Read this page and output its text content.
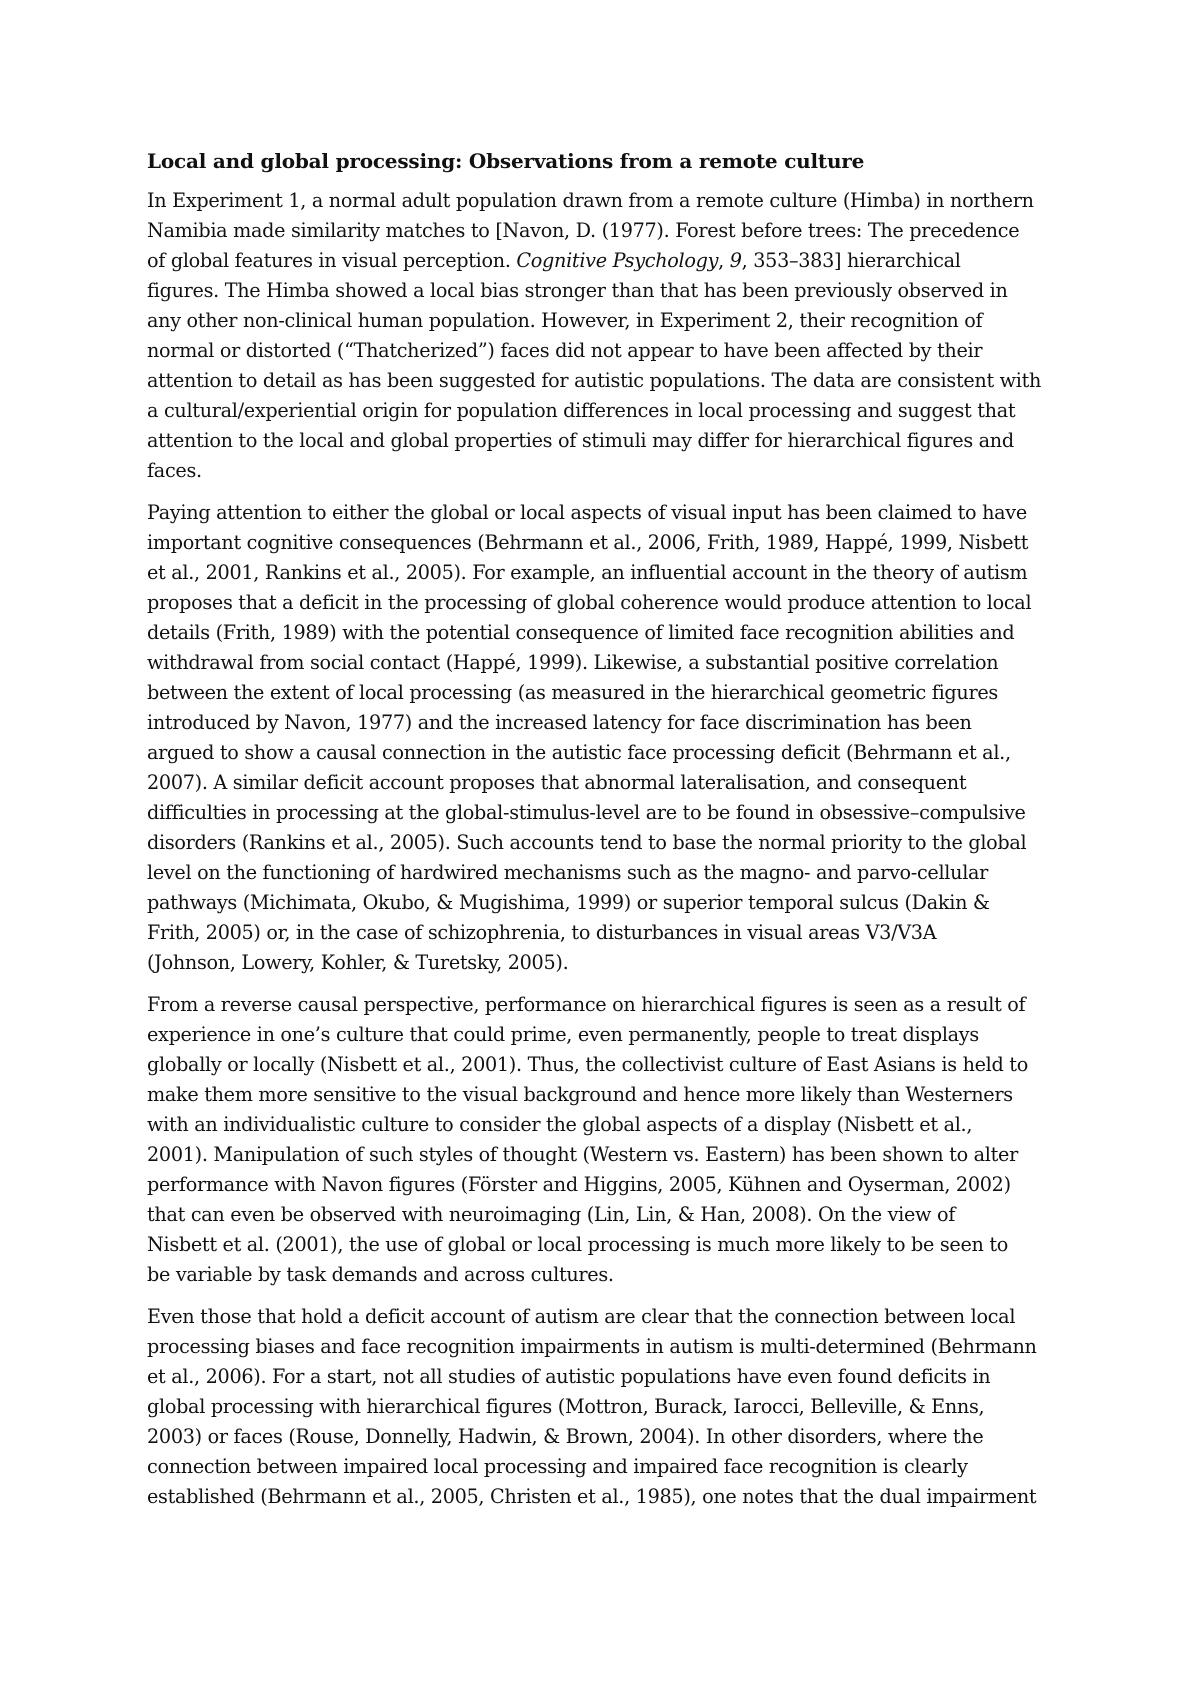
Local and global processing: Observations from a remote culture
In Experiment 1, a normal adult population drawn from a remote culture (Himba) in northern
Namibia made similarity matches to [Navon, D. (1977). Forest before trees: The precedence
of global features in visual perception. Cognitive Psychology, 9, 353–383] hierarchical
figures. The Himba showed a local bias stronger than that has been previously observed in
any other non-clinical human population. However, in Experiment 2, their recognition of
normal or distorted (“Thatcherized”) faces did not appear to have been affected by their
attention to detail as has been suggested for autistic populations. The data are consistent with
a cultural/experiential origin for population differences in local processing and suggest that
attention to the local and global properties of stimuli may differ for hierarchical figures and
faces.
Paying attention to either the global or local aspects of visual input has been claimed to have
important cognitive consequences (Behrmann et al., 2006, Frith, 1989, Happé, 1999, Nisbett
et al., 2001, Rankins et al., 2005). For example, an influential account in the theory of autism
proposes that a deficit in the processing of global coherence would produce attention to local
details (Frith, 1989) with the potential consequence of limited face recognition abilities and
withdrawal from social contact (Happé, 1999). Likewise, a substantial positive correlation
between the extent of local processing (as measured in the hierarchical geometric figures
introduced by Navon, 1977) and the increased latency for face discrimination has been
argued to show a causal connection in the autistic face processing deficit (Behrmann et al.,
2007). A similar deficit account proposes that abnormal lateralisation, and consequent
difficulties in processing at the global-stimulus-level are to be found in obsessive–compulsive
disorders (Rankins et al., 2005). Such accounts tend to base the normal priority to the global
level on the functioning of hardwired mechanisms such as the magno- and parvo-cellular
pathways (Michimata, Okubo, & Mugishima, 1999) or superior temporal sulcus (Dakin &
Frith, 2005) or, in the case of schizophrenia, to disturbances in visual areas V3/V3A
(Johnson, Lowery, Kohler, & Turetsky, 2005).
From a reverse causal perspective, performance on hierarchical figures is seen as a result of
experience in one’s culture that could prime, even permanently, people to treat displays
globally or locally (Nisbett et al., 2001). Thus, the collectivist culture of East Asians is held to
make them more sensitive to the visual background and hence more likely than Westerners
with an individualistic culture to consider the global aspects of a display (Nisbett et al.,
2001). Manipulation of such styles of thought (Western vs. Eastern) has been shown to alter
performance with Navon figures (Förster and Higgins, 2005, Kühnen and Oyserman, 2002)
that can even be observed with neuroimaging (Lin, Lin, & Han, 2008). On the view of
Nisbett et al. (2001), the use of global or local processing is much more likely to be seen to
be variable by task demands and across cultures.
Even those that hold a deficit account of autism are clear that the connection between local
processing biases and face recognition impairments in autism is multi-determined (Behrmann
et al., 2006). For a start, not all studies of autistic populations have even found deficits in
global processing with hierarchical figures (Mottron, Burack, Iarocci, Belleville, & Enns,
2003) or faces (Rouse, Donnelly, Hadwin, & Brown, 2004). In other disorders, where the
connection between impaired local processing and impaired face recognition is clearly
established (Behrmann et al., 2005, Christen et al., 1985), one notes that the dual impairment
